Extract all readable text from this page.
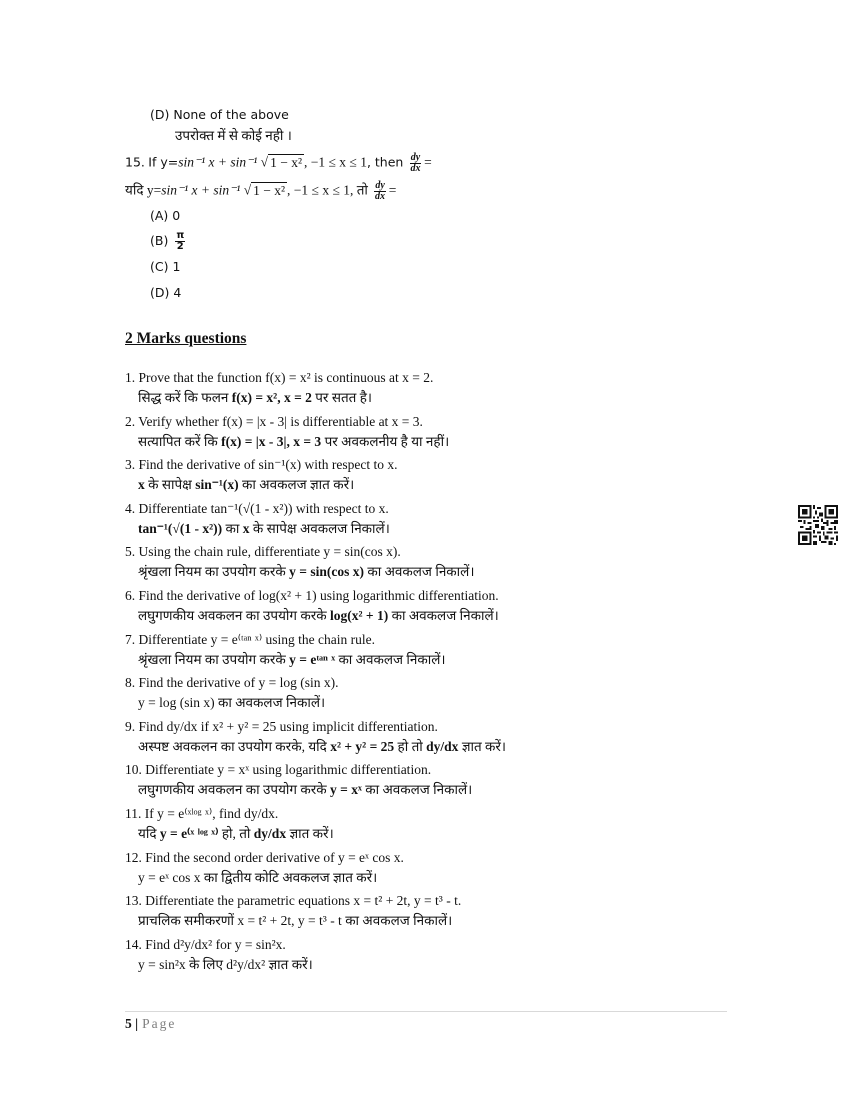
(D) None of the above
उपरोक्त में से कोई नही ।
15. If y=sin⁻¹ x + sin⁻¹ √ 1 − x² , −1 ≤ x ≤ 1, then $\frac{dy}{dx}$ =
यदि y=sin⁻¹ x + sin⁻¹ √ 1 − x² , −1 ≤ x ≤ 1, तो $\frac{dy}{dx}$ =
(A) 0
$(B) \frac{\pi}{2}$
(C) 1
(D) 4
2 Marks questions
1. Prove that the function f(x) = x² is continuous at x = 2.
सिद्ध करें कि फलन f(x) = x², x = 2 पर सतत है।
2. Verify whether f(x) = |x - 3| is differentiable at x = 3.
सत्यापित करें कि f(x) = |x - 3|, x = 3 पर अवकलनीय है या नहीं।
3. Find the derivative of sin⁻¹(x) with respect to x.
x के सापेक्ष sin⁻¹(x) का अवकलज ज्ञात करें।
4. Differentiate tan⁻¹(√(1 - x²)) with respect to x.
tan⁻¹(√(1 - x²)) का x के सापेक्ष अवकलज निकालें।
5. Using the chain rule, differentiate y = sin(cos x).
श्रृंखला नियम का उपयोग करके y = sin(cos x) का अवकलज निकालें।
6. Find the derivative of log(x² + 1) using logarithmic differentiation.
लघुगणकीय अवकलन का उपयोग करके log(x² + 1) का अवकलज निकालें।
7. Differentiate y = e⁽ᵗᵃⁿ ˣ⁾ using the chain rule.
श्रृंखला नियम का उपयोग करके y = eᵗᵃⁿ ˣ का अवकलज निकालें।
8. Find the derivative of y = log (sin x).
y = log (sin x) का अवकलज निकालें।
9. Find dy/dx if x² + y² = 25 using implicit differentiation.
अस्पष्ट अवकलन का उपयोग करके, यदि x² + y² = 25 हो तो dy/dx ज्ञात करें।
10. Differentiate y = xˣ using logarithmic differentiation.
लघुगणकीय अवकलन का उपयोग करके y = xˣ का अवकलज निकालें।
11. If y = e⁽ˣˡᵒᵍ ˣ⁾, find dy/dx.
यदि y = e⁽ˣ ˡᵒᵍ ˣ⁾ हो, तो dy/dx ज्ञात करें।
12. Find the second order derivative of y = eˣ cos x.
y = eˣ cos x का द्वितीय कोटि अवकलज ज्ञात करें।
13. Differentiate the parametric equations x = t² + 2t, y = t³ - t.
प्राचलिक समीकरणों x = t² + 2t, y = t³ - t का अवकलज निकालें।
14. Find d²y/dx² for y = sin²x.
y = sin²x के लिए d²y/dx² ज्ञात करें।
5 | Page
